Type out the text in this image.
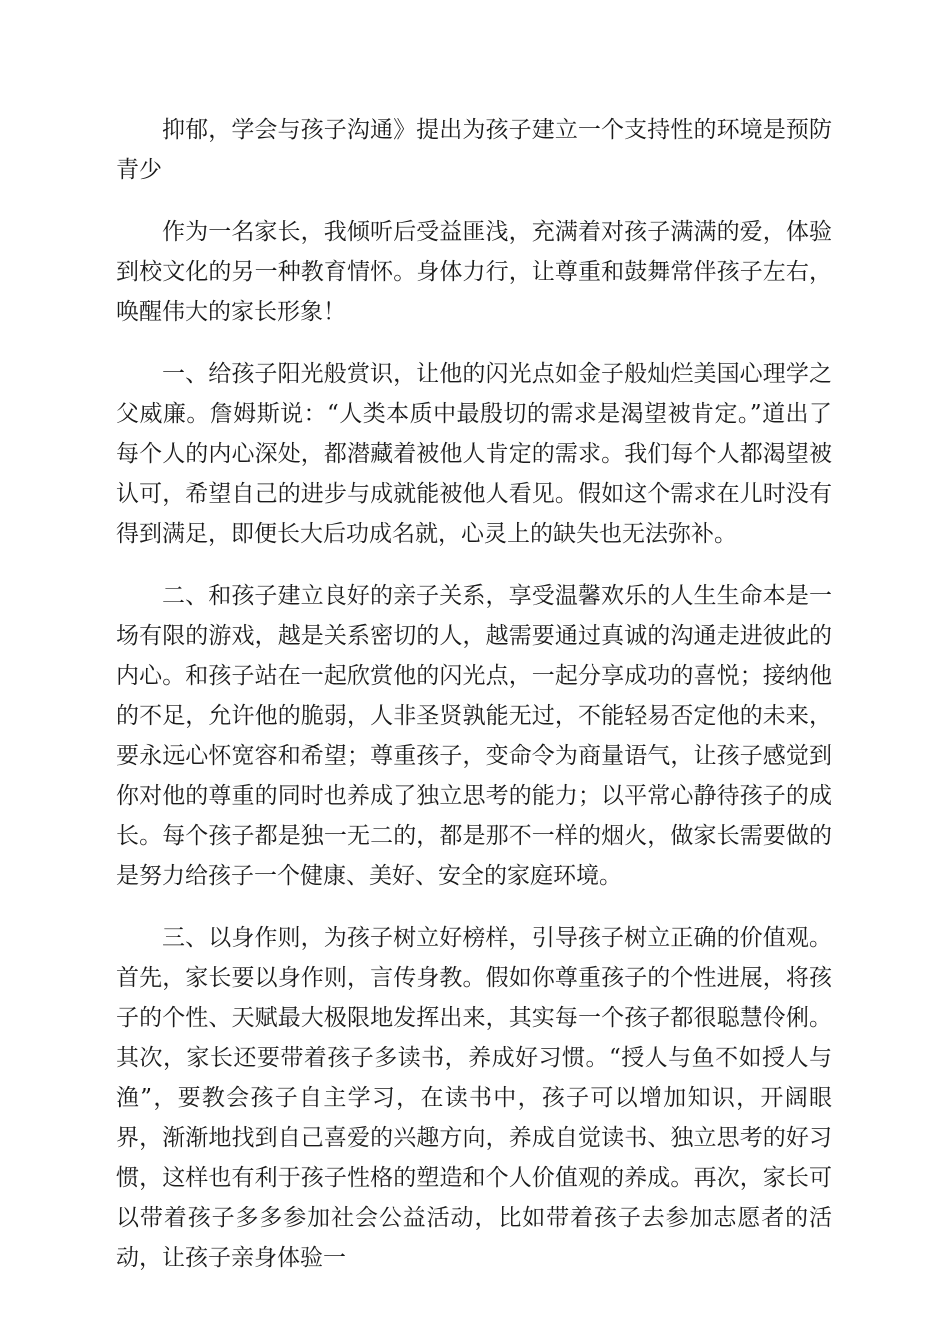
抑郁，学会与孩子沟通》提出为孩子建立一个支持性的环境是预防青少

作为一名家长，我倾听后受益匪浅，充满着对孩子满满的爱，体验到校文化的另一种教育情怀。身体力行，让尊重和鼓舞常伴孩子左右，唤醒伟大的家长形象！

一、给孩子阳光般赏识，让他的闪光点如金子般灿烂美国心理学之父威廉。詹姆斯说：“人类本质中最殷切的需求是渴望被肯定。”道出了每个人的内心深处，都潜藏着被他人肯定的需求。我们每个人都渴望被认可，希望自己的进步与成就能被他人看见。假如这个需求在儿时没有得到满足，即便长大后功成名就，心灵上的缺失也无法弥补。

二、和孩子建立良好的亲子关系，享受温馨欢乐的人生生命本是一场有限的游戏，越是关系密切的人，越需要通过真诚的沟通走进彼此的内心。和孩子站在一起欣赏他的闪光点，一起分享成功的喜悦；接纳他的不足，允许他的脆弱，人非圣贤孰能无过，不能轻易否定他的未来，要永远心怀宽容和希望；尊重孩子，变命令为商量语气，让孩子感觉到你对他的尊重的同时也养成了独立思考的能力；以平常心静待孩子的成长。每个孩子都是独一无二的，都是那不一样的烟火，做家长需要做的是努力给孩子一个健康、美好、安全的家庭环境。

三、以身作则，为孩子树立好榜样，引导孩子树立正确的价值观。首先，家长要以身作则，言传身教。假如你尊重孩子的个性进展，将孩子的个性、天赋最大极限地发挥出来，其实每一个孩子都很聪慧伶俐。其次，家长还要带着孩子多读书，养成好习惯。“授人与鱼不如授人与渔”，要教会孩子自主学习，在读书中，孩子可以增加知识，开阔眼界，渐渐地找到自己喜爱的兴趣方向，养成自觉读书、独立思考的好习惯，这样也有利于孩子性格的塑造和个人价值观的养成。再次，家长可以带着孩子多多参加社会公益活动，比如带着孩子去参加志愿者的活动，让孩子亲身体验一
